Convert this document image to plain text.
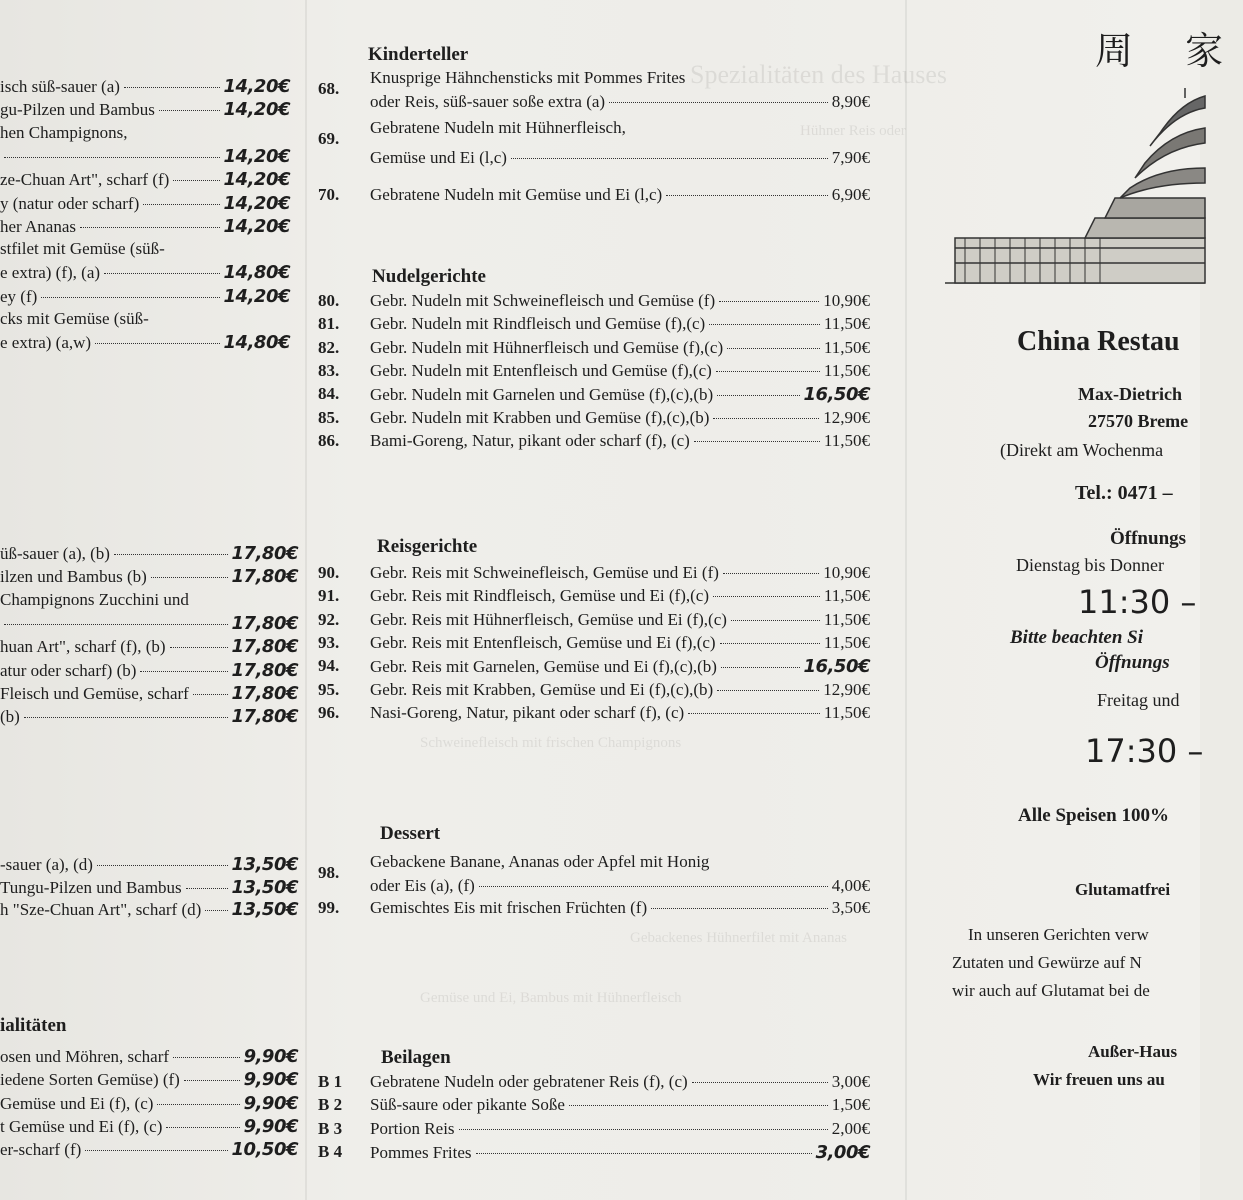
Spezialitäten des Hauses
Hühner Reis oder
Schweinefleisch mit frischen Champignons
Gebackenes Hühnerfilet mit Ananas
Gemüse und Ei, Bambus mit Hühnerfleisch
isch süß-sauer (a)	14,20€
gu-Pilzen und Bambus	14,20€
hen Champignons,
14,20€
ze-Chuan Art", scharf (f)	14,20€
y (natur oder scharf)	14,20€
her Ananas	14,20€
stfilet mit Gemüse (süß-
e extra) (f), (a)	14,80€
ey (f)	14,20€
cks mit Gemüse (süß-
e extra) (a,w)	14,80€
üß-sauer (a), (b)	17,80€
ilzen und Bambus (b)	17,80€
Champignons Zucchini und
17,80€
huan Art", scharf (f), (b)	17,80€
atur oder scharf) (b)	17,80€
Fleisch und Gemüse, scharf 17,80€
(b)	17,80€
-sauer (a), (d)	13,50€
Tungu-Pilzen und Bambus	13,50€
h "Sze-Chuan Art", scharf (d) 13,50€
ialitäten
osen und Möhren, scharf	9,90€
iedene Sorten Gemüse) (f)	9,90€
Gemüse und Ei (f), (c)	9,90€
t Gemüse und Ei (f), (c)	9,90€
er-scharf (f)	10,50€
Kinderteller
68.
Knusprige Hähnchensticks mit Pommes Frites
oder Reis, süß-sauer soße extra (a)	8,90€
69.
Gebratene Nudeln mit Hühnerfleisch,
Gemüse und Ei (l,c)	7,90€
70. Gebratene Nudeln mit Gemüse und Ei (l,c)	6,90€
Nudelgerichte
80. Gebr. Nudeln mit Schweinefleisch und Gemüse (f)	10,90€
81. Gebr. Nudeln mit Rindfleisch und Gemüse (f),(c)	11,50€
82. Gebr. Nudeln mit Hühnerfleisch und Gemüse (f),(c)	11,50€
83. Gebr. Nudeln mit Entenfleisch und Gemüse (f),(c)	11,50€
84. Gebr. Nudeln mit Garnelen und Gemüse (f),(c),(b)	16,50€
85. Gebr. Nudeln mit Krabben und Gemüse (f),(c),(b)	12,90€
86. Bami-Goreng, Natur, pikant oder scharf (f), (c)	11,50€
Reisgerichte
90. Gebr. Reis mit Schweinefleisch, Gemüse und Ei (f)	10,90€
91. Gebr. Reis mit Rindfleisch, Gemüse und Ei (f),(c)	11,50€
92. Gebr. Reis mit Hühnerfleisch, Gemüse und Ei (f),(c)	11,50€
93. Gebr. Reis mit Entenfleisch, Gemüse und Ei (f),(c)	11,50€
94. Gebr. Reis mit Garnelen, Gemüse und Ei (f),(c),(b)	16,50€
95. Gebr. Reis mit Krabben, Gemüse und Ei (f),(c),(b)	12,90€
96. Nasi-Goreng, Natur, pikant oder scharf (f), (c)	11,50€
Dessert
98.
Gebackene Banane, Ananas oder Apfel mit Honig
oder Eis (a), (f)	4,00€
99. Gemischtes Eis mit frischen Früchten (f)	3,50€
Beilagen
B 1 Gebratene Nudeln oder gebratener Reis (f), (c)	3,00€
B 2 Süß-saure oder pikante Soße	1,50€
B 3 Portion Reis	2,00€
B 4 Pommes Frites	3,00€
周 家
China Restau
Max-Dietrich
27570 Breme
(Direkt am Wochenma
Tel.: 0471 –
Öffnungs
Dienstag bis Donner
11:30 –
Bitte beachten Si
Öffnungs
Freitag und
17:30 –
Alle Speisen 100%
Glutamatfrei
In unseren Gerichten verw
Zutaten und Gewürze auf N
wir auch auf Glutamat bei de
Außer-Haus
Wir freuen uns au
